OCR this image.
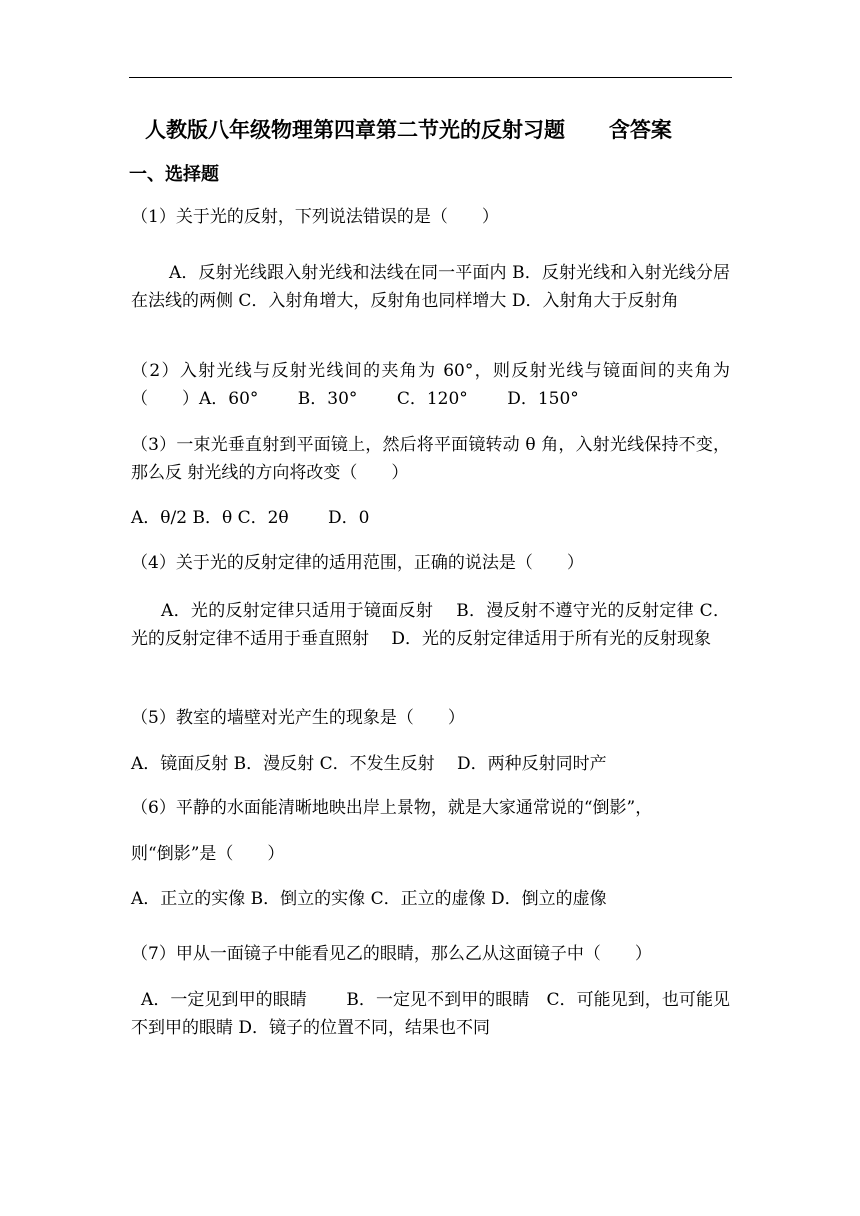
人教版八年级物理第四章第二节光的反射习题      含答案
一、选择题
（1）关于光的反射，下列说法错误的是（　　）
A．反射光线跟入射光线和法线在同一平面内 B．反射光线和入射光线分居在法线的两侧 C．入射角增大，反射角也同样增大 D．入射角大于反射角
（2）入射光线与反射光线间的夹角为 60°，则反射光线与镜面间的夹角为（　　）A．60°　　 B．30°　　 C．120°　　 D．150°
（3）一束光垂直射到平面镜上，然后将平面镜转动 θ 角，入射光线保持不变，那么反 射光线的方向将改变（　　）
A．θ/2 B．θ C．2θ　　 D．0
（4）关于光的反射定律的适用范围，正确的说法是（　　）
A．光的反射定律只适用于镜面反射　 B．漫反射不遵守光的反射定律 C．光的反射定律不适用于垂直照射　 D．光的反射定律适用于所有光的反射现象
（5）教室的墙壁对光产生的现象是（　　）
A．镜面反射 B．漫反射 C．不发生反射　 D．两种反射同时产
（6）平静的水面能清晰地映出岸上景物，就是大家通常说的“倒影”，
则“倒影”是（　　）
A．正立的实像 B．倒立的实像 C．正立的虚像 D．倒立的虚像
（7）甲从一面镜子中能看见乙的眼睛，那么乙从这面镜子中（　　）
A．一定见到甲的眼睛　　 B．一定见不到甲的眼睛　C．可能见到，也可能见不到甲的眼睛 D．镜子的位置不同，结果也不同
